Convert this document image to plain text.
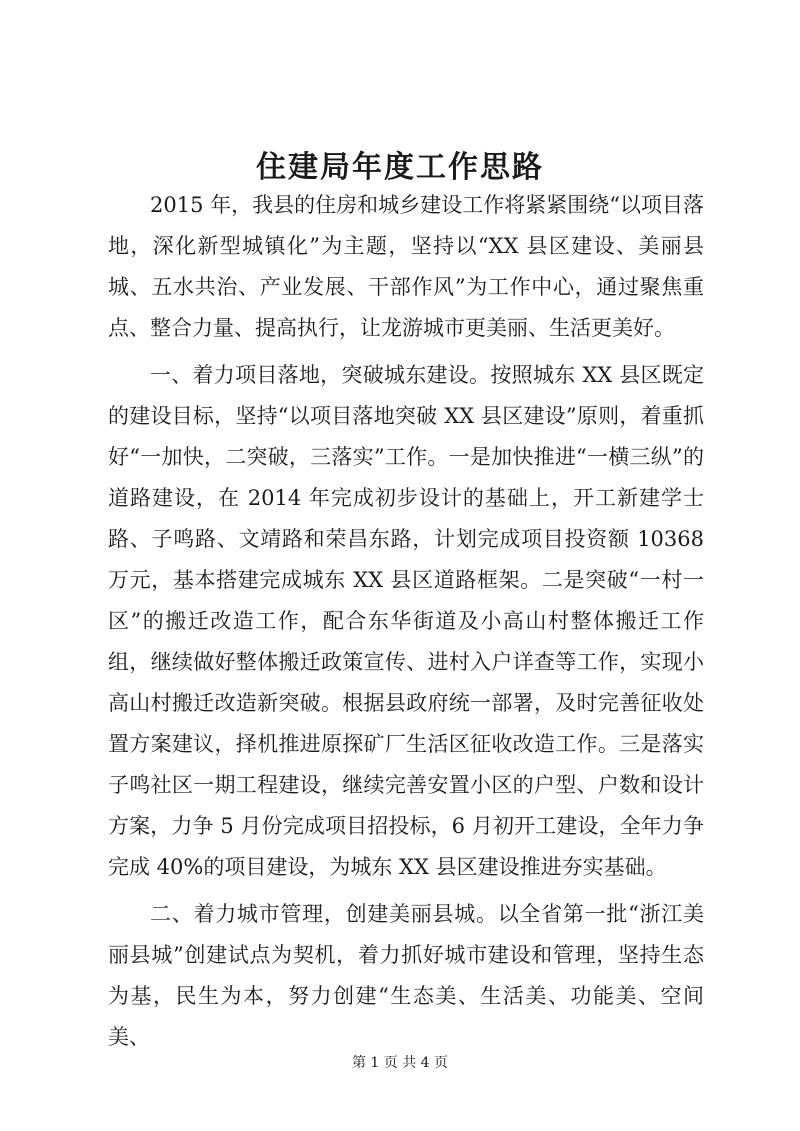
住建局年度工作思路

2015 年，我县的住房和城乡建设工作将紧紧围绕“以项目落地，深化新型城镇化”为主题，坚持以“XX 县区建设、美丽县城、五水共治、产业发展、干部作风”为工作中心，通过聚焦重点、整合力量、提高执行，让龙游城市更美丽、生活更美好。

一、着力项目落地，突破城东建设。按照城东 XX 县区既定的建设目标，坚持“以项目落地突破 XX 县区建设”原则，着重抓好“一加快，二突破，三落实”工作。一是加快推进“一横三纵”的道路建设，在 2014 年完成初步设计的基础上，开工新建学士路、子鸣路、文靖路和荣昌东路，计划完成项目投资额 10368 万元，基本搭建完成城东 XX 县区道路框架。二是突破“一村一区”的搬迁改造工作，配合东华街道及小高山村整体搬迁工作组，继续做好整体搬迁政策宣传、进村入户详查等工作，实现小高山村搬迁改造新突破。根据县政府统一部署，及时完善征收处置方案建议，择机推进原探矿厂生活区征收改造工作。三是落实子鸣社区一期工程建设，继续完善安置小区的户型、户数和设计方案，力争 5 月份完成项目招投标，6 月初开工建设，全年力争完成 40%的项目建设，为城东 XX 县区建设推进夯实基础。

二、着力城市管理，创建美丽县城。以全省第一批“浙江美丽县城”创建试点为契机，着力抓好城市建设和管理，坚持生态为基，民生为本，努力创建“生态美、生活美、功能美、空间美、

第 1 页 共 4 页
